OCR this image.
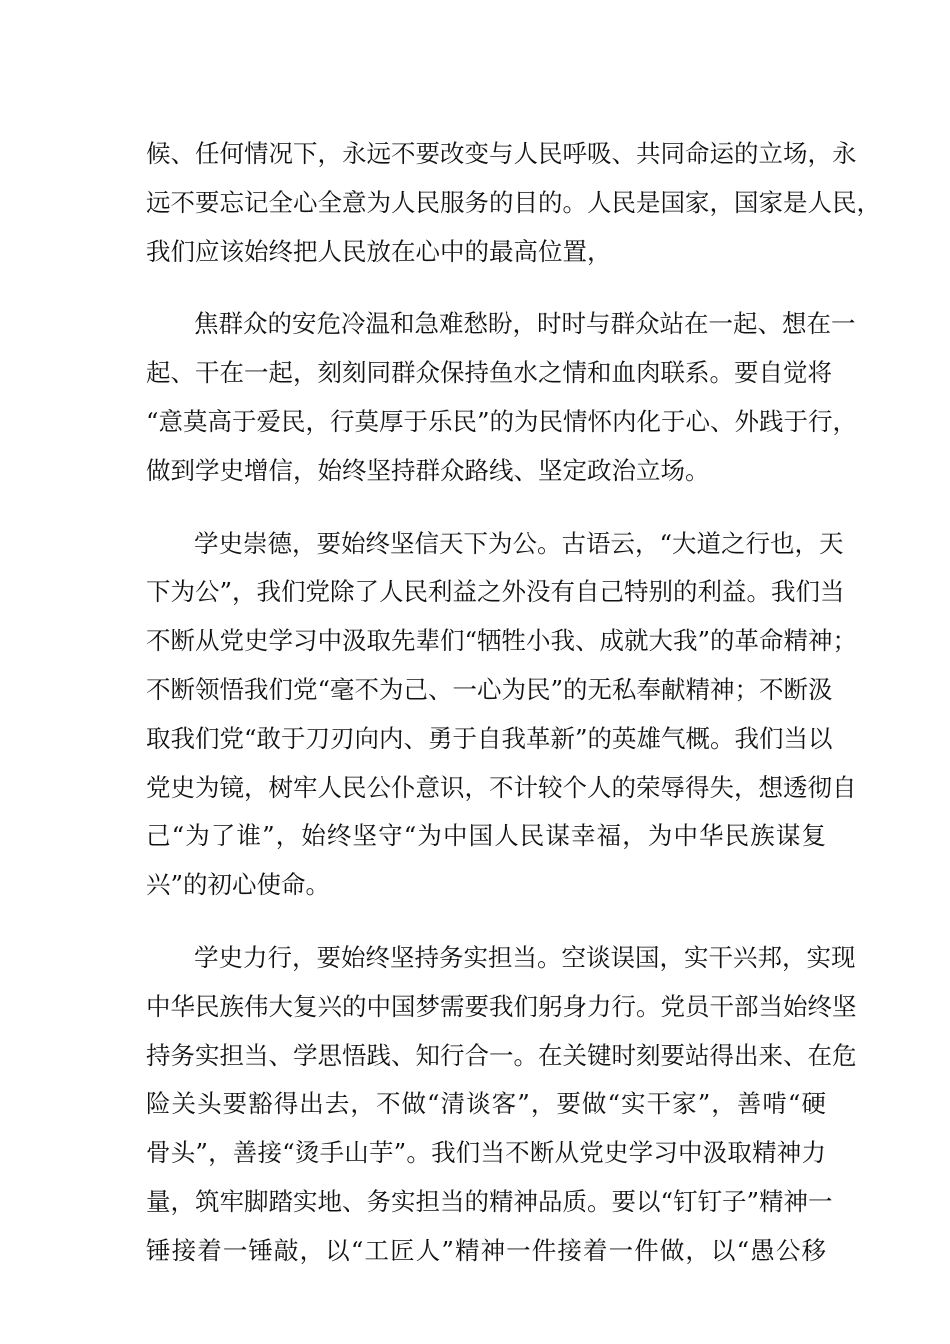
候、任何情况下，永远不要改变与人民呼吸、共同命运的立场，永
远不要忘记全心全意为人民服务的目的。人民是国家，国家是人民，
我们应该始终把人民放在心中的最高位置，
焦群众的安危冷温和急难愁盼，时时与群众站在一起、想在一
起、干在一起，刻刻同群众保持鱼水之情和血肉联系。要自觉将
“意莫高于爱民，行莫厚于乐民”的为民情怀内化于心、外践于行，
做到学史增信，始终坚持群众路线、坚定政治立场。
学史崇德，要始终坚信天下为公。古语云，“大道之行也，天
下为公”，我们党除了人民利益之外没有自己特别的利益。我们当
不断从党史学习中汲取先辈们“牺牲小我、成就大我”的革命精神；
不断领悟我们党“毫不为己、一心为民”的无私奉献精神；不断汲
取我们党“敢于刀刃向内、勇于自我革新”的英雄气概。我们当以
党史为镜，树牢人民公仆意识，不计较个人的荣辱得失，想透彻自
己“为了谁”，始终坚守“为中国人民谋幸福，为中华民族谋复
兴”的初心使命。
学史力行，要始终坚持务实担当。空谈误国，实干兴邦，实现
中华民族伟大复兴的中国梦需要我们躬身力行。党员干部当始终坚
持务实担当、学思悟践、知行合一。在关键时刻要站得出来、在危
险关头要豁得出去，不做“清谈客”，要做“实干家”，善啃“硬
骨头”，善接“烫手山芋”。我们当不断从党史学习中汲取精神力
量，筑牢脚踏实地、务实担当的精神品质。要以“钉钉子”精神一
锤接着一锤敲，以“工匠人”精神一件接着一件做，以“愚公移
